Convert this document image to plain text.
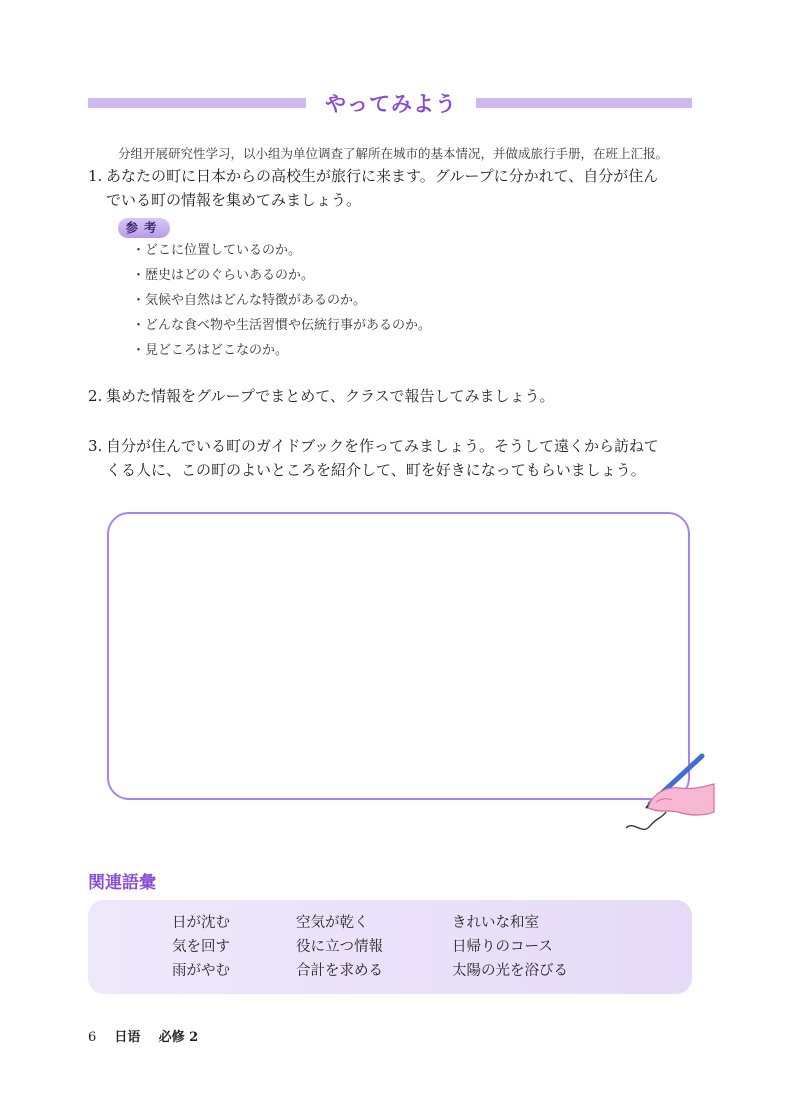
やってみよう
分组开展研究性学习，以小组为单位调查了解所在城市的基本情况，并做成旅行手册，在班上汇报。
1. あなたの町に日本からの高校生が旅行に来ます。グループに分かれて、自分が住ん
でいる町の情報を集めてみましょう。
参考
・ どこに位置しているのか。
・ 歴史はどのぐらいあるのか。
・ 気候や自然はどんな特徴があるのか。
・ どんな食べ物や生活習慣や伝統行事があるのか。
・ 見どころはどこなのか。
2. 集めた情報をグループでまとめて、クラスで報告してみましょう。
3. 自分が住んでいる町のガイドブックを作ってみましょう。そうして遠くから訪ねて
くる人に、この町のよいところを紹介して、町を好きになってもらいましょう。
関連語彙
日が沈む
気を回す
雨がやむ
空気が乾く
役に立つ情報
合計を求める
きれいな和室
日帰りのコース
太陽の光を浴びる
6 日语 必修 2
